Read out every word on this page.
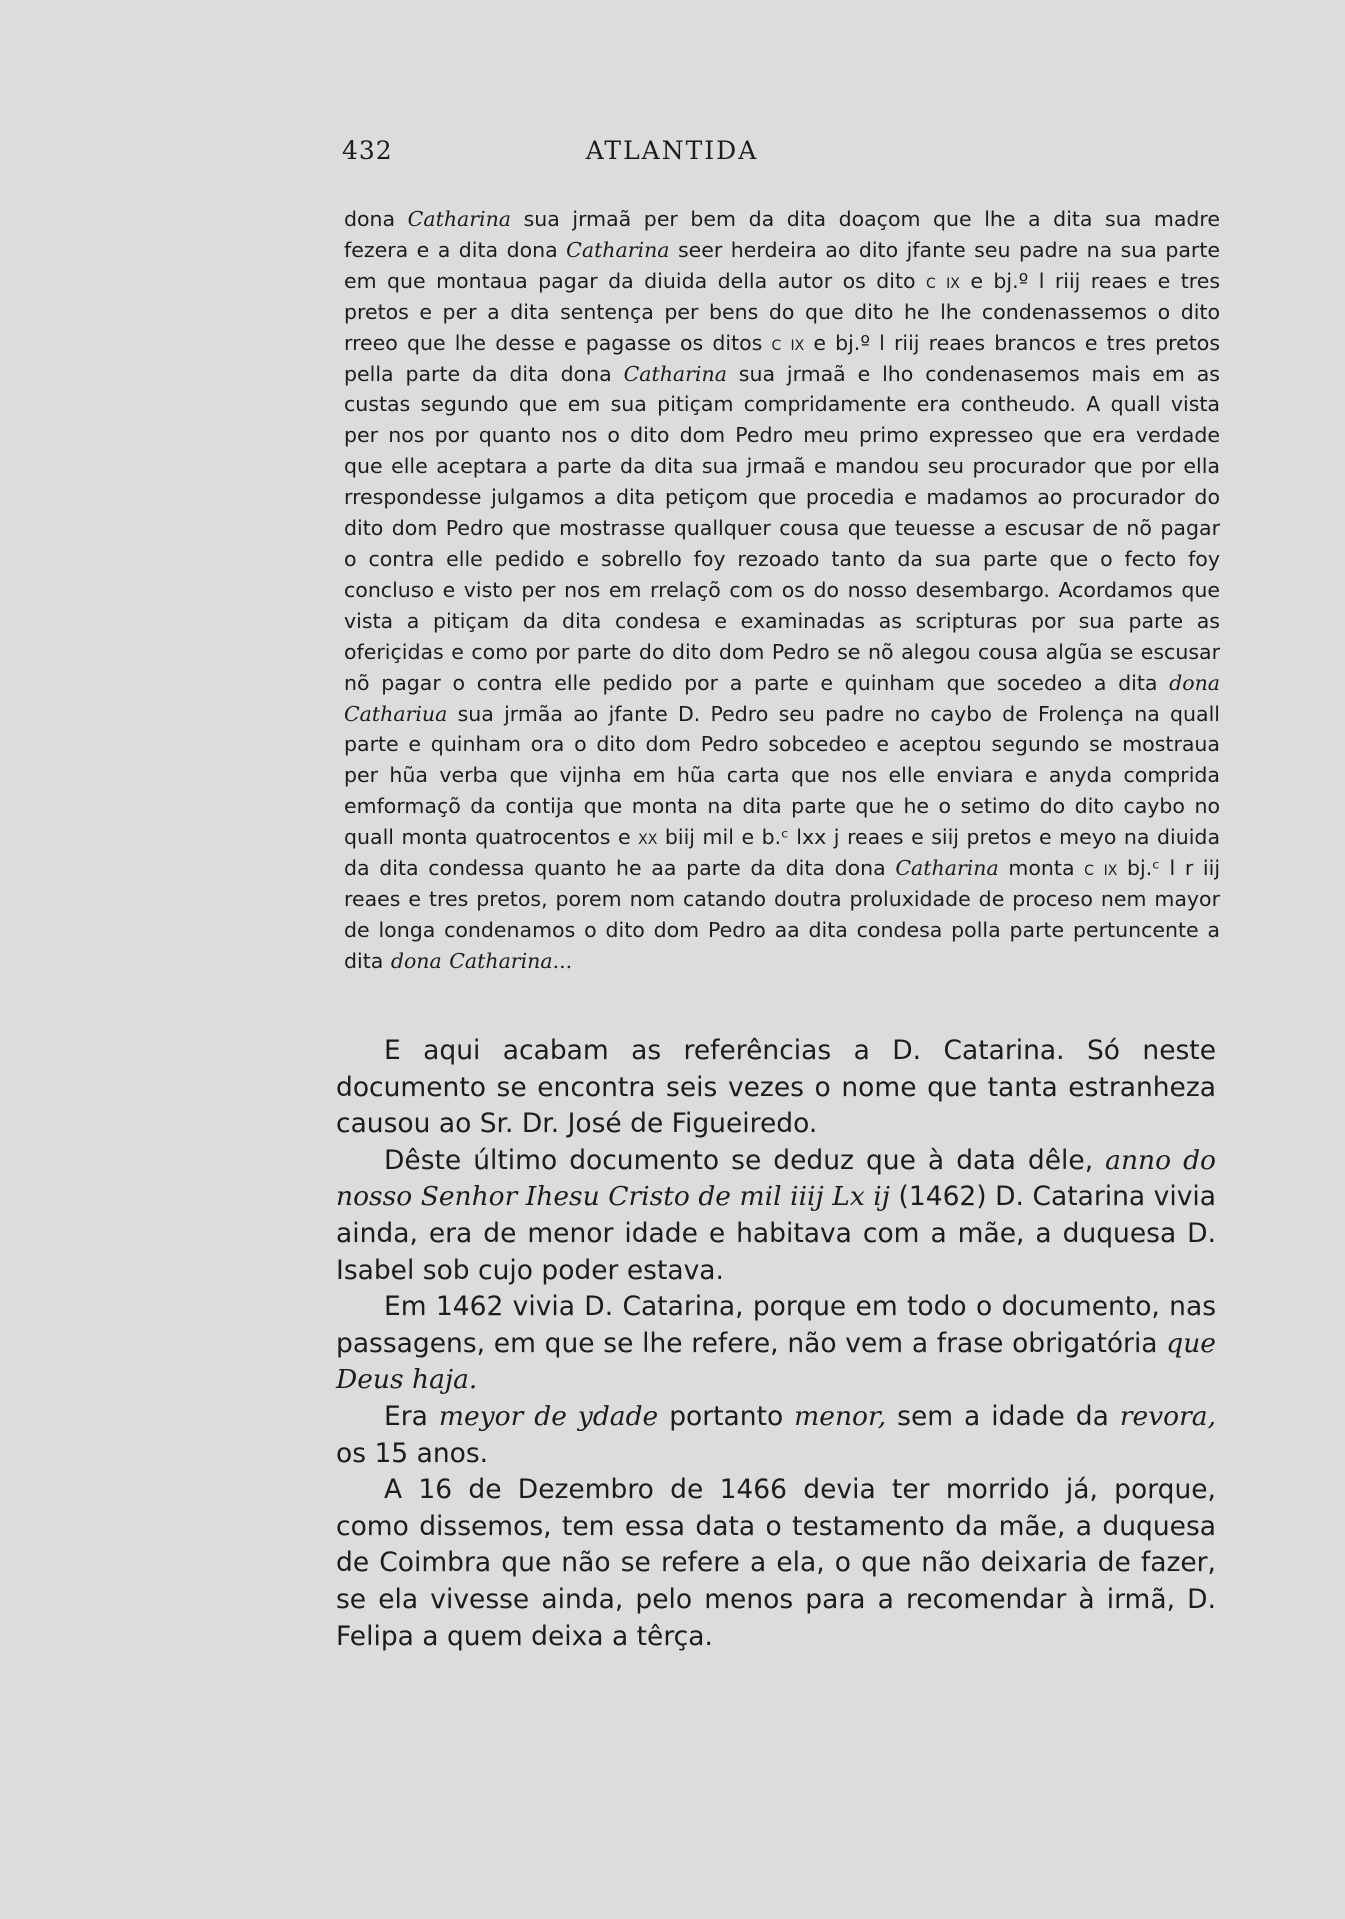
432	ATLANTIDA

dona Catharina sua jrmaã per bem da dita doaçom que lhe a dita sua madre fezera e a dita dona Catharina seer herdeira ao dito jfante seu padre na sua parte em que montaua pagar da diuida della autor os dito c ix e bj.º l riij reaes e tres pretos e per a dita sentença per bens do que dito he lhe condenassemos o dito rreeo que lhe desse e pagasse os ditos c ix e bj.º l riij reaes brancos e tres pretos pella parte da dita dona Catharina sua jrmaã e lho condenasemos mais em as custas segundo que em sua pitiçam compridamente era contheudo. A quall vista per nos por quanto nos o dito dom Pedro meu primo expresseo que era verdade que elle aceptara a parte da dita sua jrmaã e mandou seu procurador que por ella rrespondesse julgamos a dita petiçom que procedia e madamos ao procurador do dito dom Pedro que mostrasse quallquer cousa que teuesse a escusar de nõ pagar o contra elle pedido e sobrello foy rezoado tanto da sua parte que o fecto foy concluso e visto per nos em rrelaçõ com os do nosso desembargo. Acordamos que vista a pitiçam da dita condesa e examinadas as scripturas por sua parte as oferiçidas e como por parte do dito dom Pedro se nõ alegou cousa algũa se escusar nõ pagar o contra elle pedido por a parte e quinham que socedeo a dita dona Cathariua sua jrmãa ao jfante D. Pedro seu padre no caybo de Frolença na quall parte e quinham ora o dito dom Pedro sobcedeo e aceptou segundo se mostraua per hũa verba que vijnha em hũa carta que nos elle enviara e anyda comprida emformaçõ da contija que monta na dita parte que he o setimo do dito caybo no quall monta quatrocentos e xx biij mil e b.ᶜ lxx j reaes e siij pretos e meyo na diuida da dita condessa quanto he aa parte da dita dona Catharina monta c ix bj.ᶜ l r iij reaes e tres pretos, porem nom catando doutra proluxidade de proceso nem mayor de longa condenamos o dito dom Pedro aa dita condesa polla parte pertuncente a dita dona Catharina...

E aqui acabam as referências a D. Catarina. Só neste documento se encontra seis vezes o nome que tanta estranheza causou ao Sr. Dr. José de Figueiredo.

Dêste último documento se deduz que à data dêle, anno do nosso Senhor Ihesu Cristo de mil iiij Lx ij (1462) D. Catarina vivia ainda, era de menor idade e habitava com a mãe, a duquesa D. Isabel sob cujo poder estava.

Em 1462 vivia D. Catarina, porque em todo o documento, nas passagens, em que se lhe refere, não vem a frase obrigatória que Deus haja.

Era meyor de ydade portanto menor, sem a idade da revora, os 15 anos.

A 16 de Dezembro de 1466 devia ter morrido já, porque, como dissemos, tem essa data o testamento da mãe, a duquesa de Coimbra que não se refere a ela, o que não deixaria de fazer, se ela vivesse ainda, pelo menos para a recomendar à irmã, D. Felipa a quem deixa a têrça.
